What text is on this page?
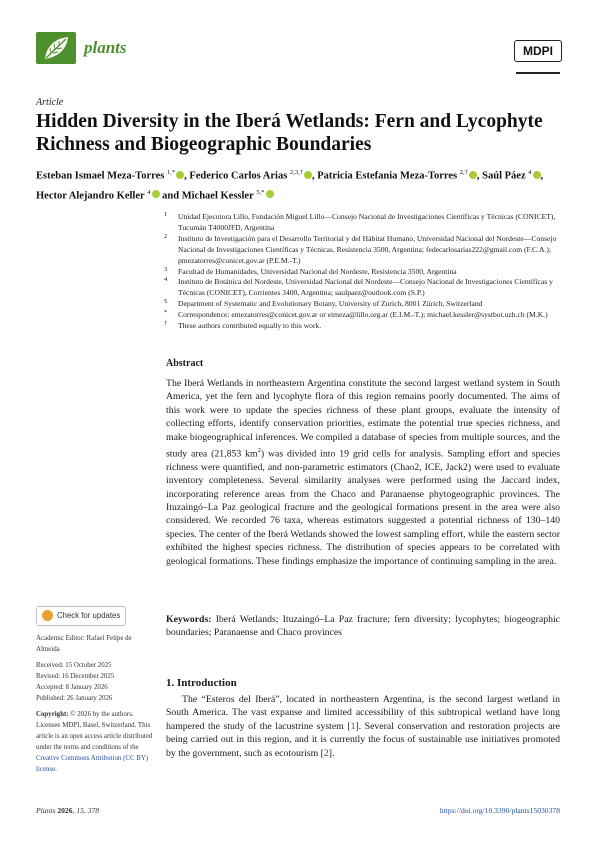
plants	MDPI
Article
Hidden Diversity in the Iberá Wetlands: Fern and Lycophyte Richness and Biogeographic Boundaries
Esteban Ismael Meza-Torres $^{1,*}$ , Federico Carlos Arias $^{2,3,\dagger}$ , Patricia Estefania Meza-Torres $^{2,\dagger}$ , Saúl Páez $^4$ , Hector Alejandro Keller $^4$ and Michael Kessler $^{5,*}$
1 Unidad Ejecutora Lillo, Fundación Miguel Lillo—Consejo Nacional de Investigaciones Científicas y Técnicas (CONICET), Tucumán T4000JFD, Argentina
2 Instituto de Investigación para el Desarrollo Territorial y del Hábitat Humano, Universidad Nacional del Nordeste—Consejo Nacional de Investigaciones Científicas y Técnicas, Resistencia 3500, Argentina; fedecarlosarias222@gmail.com (F.C.A.); pmezatorres@conicet.gov.ar (P.E.M.-T.)
3 Facultad de Humanidades, Universidad Nacional del Nordeste, Resistencia 3500, Argentina
4 Instituto de Botánica del Nordeste, Universidad Nacional del Nordeste—Consejo Nacional de Investigaciones Científicas y Técnicas (CONICET), Corrientes 3400, Argentina; saulpaez@outlook.com (S.P.)
5 Department of Systematic and Evolutionary Botany, University of Zurich, 8001 Zürich, Switzerland
* Correspondence: emezatorres@conicet.gov.ar or eimeza@lillo.org.ar (E.I.M.-T.); michael.kessler@systbot.uzh.ch (M.K.)
† These authors contributed equally to this work.
Abstract
The Iberá Wetlands in northeastern Argentina constitute the second largest wetland system in South America, yet the fern and lycophyte flora of this region remains poorly documented. The aims of this work were to update the species richness of these plant groups, evaluate the intensity of collecting efforts, identify conservation priorities, estimate the potential true species richness, and make biogeographical inferences. We compiled a database of species from multiple sources, and the study area (21,853 $km^2$) was divided into 19 grid cells for analysis. Sampling effort and species richness were quantified, and non-parametric estimators (Chao2, ICE, Jack2) were used to evaluate inventory completeness. Several similarity analyses were performed using the Jaccard index, incorporating reference areas from the Chaco and Paranaense phytogeographic provinces. The Ituzaingó–La Paz geological fracture and the geological formations present in the area were also considered. We recorded 76 taxa, whereas estimators suggested a potential richness of 130–140 species. The center of the Iberá Wetlands showed the lowest sampling effort, while the eastern sector exhibited the highest species richness. The distribution of species appears to be correlated with geological formations. These findings emphasize the importance of continuing sampling in the area.
Keywords: Iberá Wetlands; Ituzaingó–La Paz fracture; fern diversity; lycophytes; biogeographic boundaries; Paranaense and Chaco provinces
1. Introduction
The “Esteros del Iberá”, located in northeastern Argentina, is the second largest wetland in South America. The vast expanse and limited accessibility of this subtropical wetland have long hampered the study of the lacustrine system [1]. Several conservation and restoration projects are being carried out in this region, and it is currently the focus of sustainable use initiatives promoted by the government, such as ecotourism [2].
Check for updates

Academic Editor: Rafael Felipe de Almeida

Received: 15 October 2025
Revised: 16 December 2025
Accepted: 8 January 2026

Published: 26 January 2026

Copyright: © 2026 by the authors. Licensee MDPI, Basel, Switzerland. This article is an open access article distributed under the terms and conditions of the Creative Commons Attribution (CC BY) license.

Plants 2026, 15, 378	https://doi.org/10.3390/plants15030378
